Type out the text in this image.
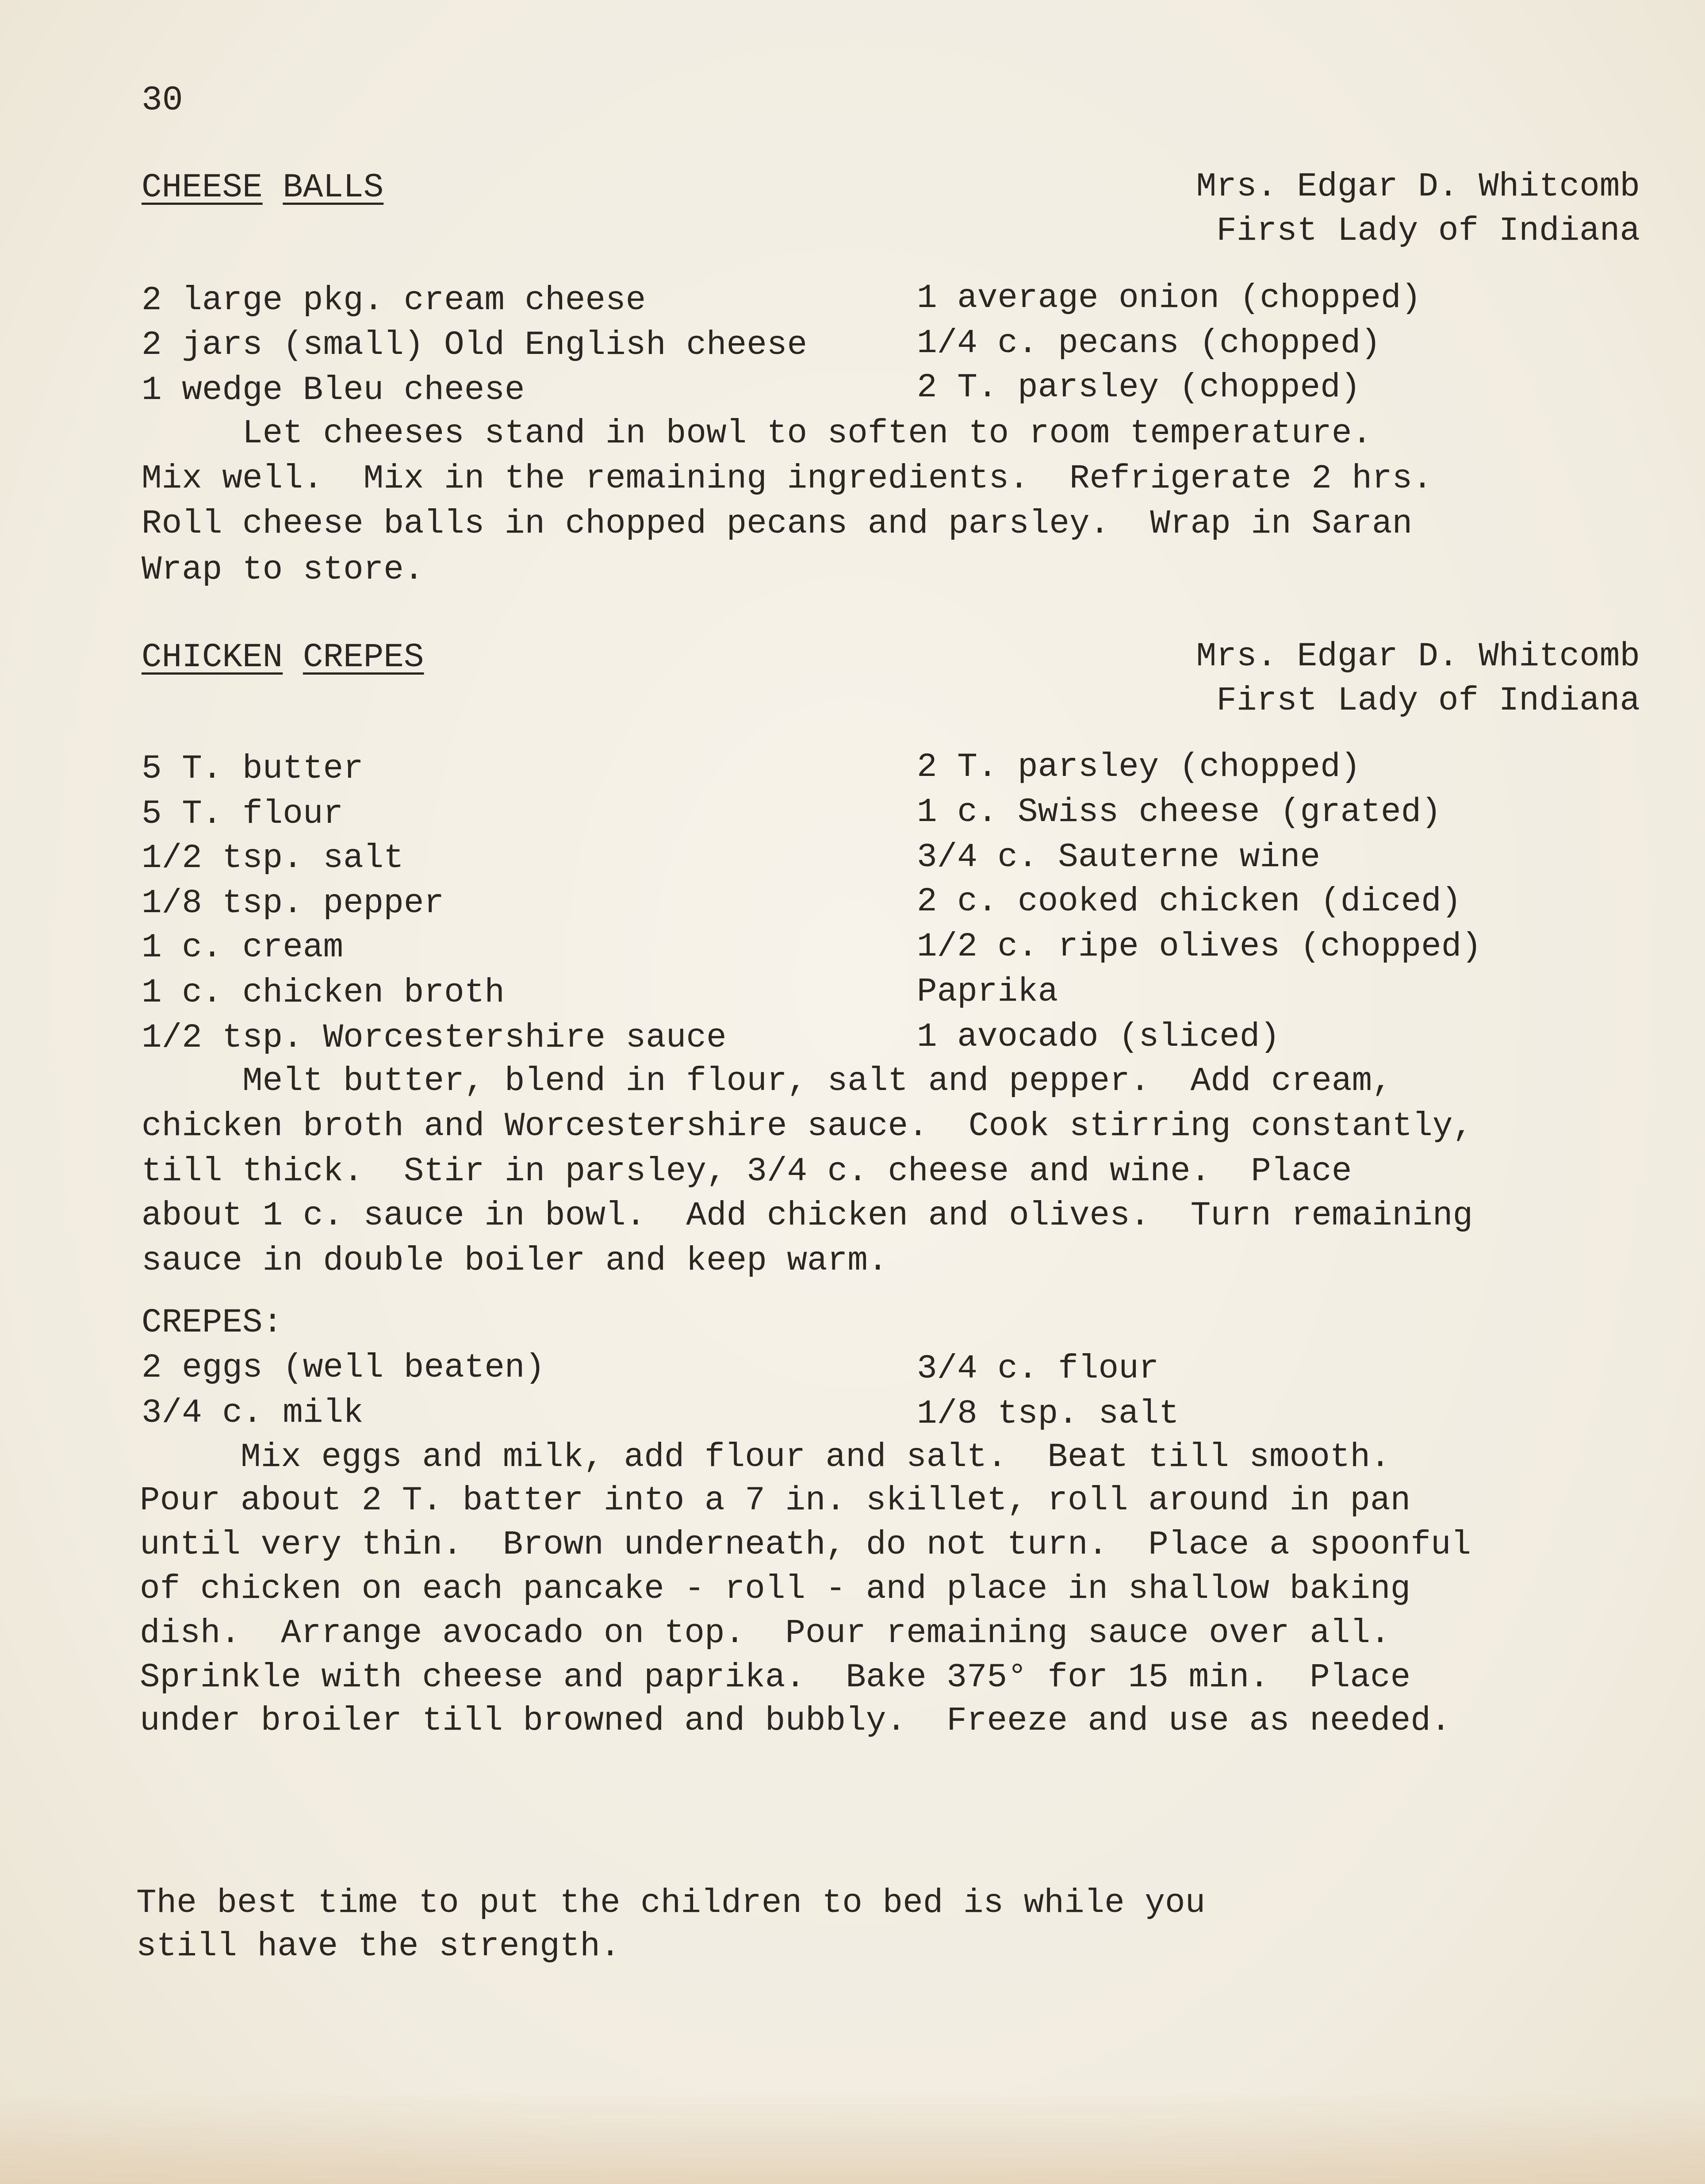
30
CHEESE BALLS	Mrs. Edgar D. Whitcomb
First Lady of Indiana
2 large pkg. cream cheese
2 jars (small) Old English cheese
1 wedge Bleu cheese
1 average onion (chopped)
1/4 c. pecans (chopped)
2 T. parsley (chopped)
Let cheeses stand in bowl to soften to room temperature.
Mix well.  Mix in the remaining ingredients.  Refrigerate 2 hrs.
Roll cheese balls in chopped pecans and parsley.  Wrap in Saran
Wrap to store.
CHICKEN CREPES	Mrs. Edgar D. Whitcomb
First Lady of Indiana
5 T. butter
5 T. flour
1/2 tsp. salt
1/8 tsp. pepper
1 c. cream
1 c. chicken broth
1/2 tsp. Worcestershire sauce
2 T. parsley (chopped)
1 c. Swiss cheese (grated)
3/4 c. Sauterne wine
2 c. cooked chicken (diced)
1/2 c. ripe olives (chopped)
Paprika
1 avocado (sliced)
Melt butter, blend in flour, salt and pepper.  Add cream,
chicken broth and Worcestershire sauce.  Cook stirring constantly,
till thick.  Stir in parsley, 3/4 c. cheese and wine.  Place
about 1 c. sauce in bowl.  Add chicken and olives.  Turn remaining
sauce in double boiler and keep warm.
CREPES:
2 eggs (well beaten)
3/4 c. milk
3/4 c. flour
1/8 tsp. salt
Mix eggs and milk, add flour and salt.  Beat till smooth.
Pour about 2 T. batter into a 7 in. skillet, roll around in pan
until very thin.  Brown underneath, do not turn.  Place a spoonful
of chicken on each pancake - roll - and place in shallow baking
dish.  Arrange avocado on top.  Pour remaining sauce over all.
Sprinkle with cheese and paprika.  Bake 375° for 15 min.  Place
under broiler till browned and bubbly.  Freeze and use as needed.
The best time to put the children to bed is while you
still have the strength.
